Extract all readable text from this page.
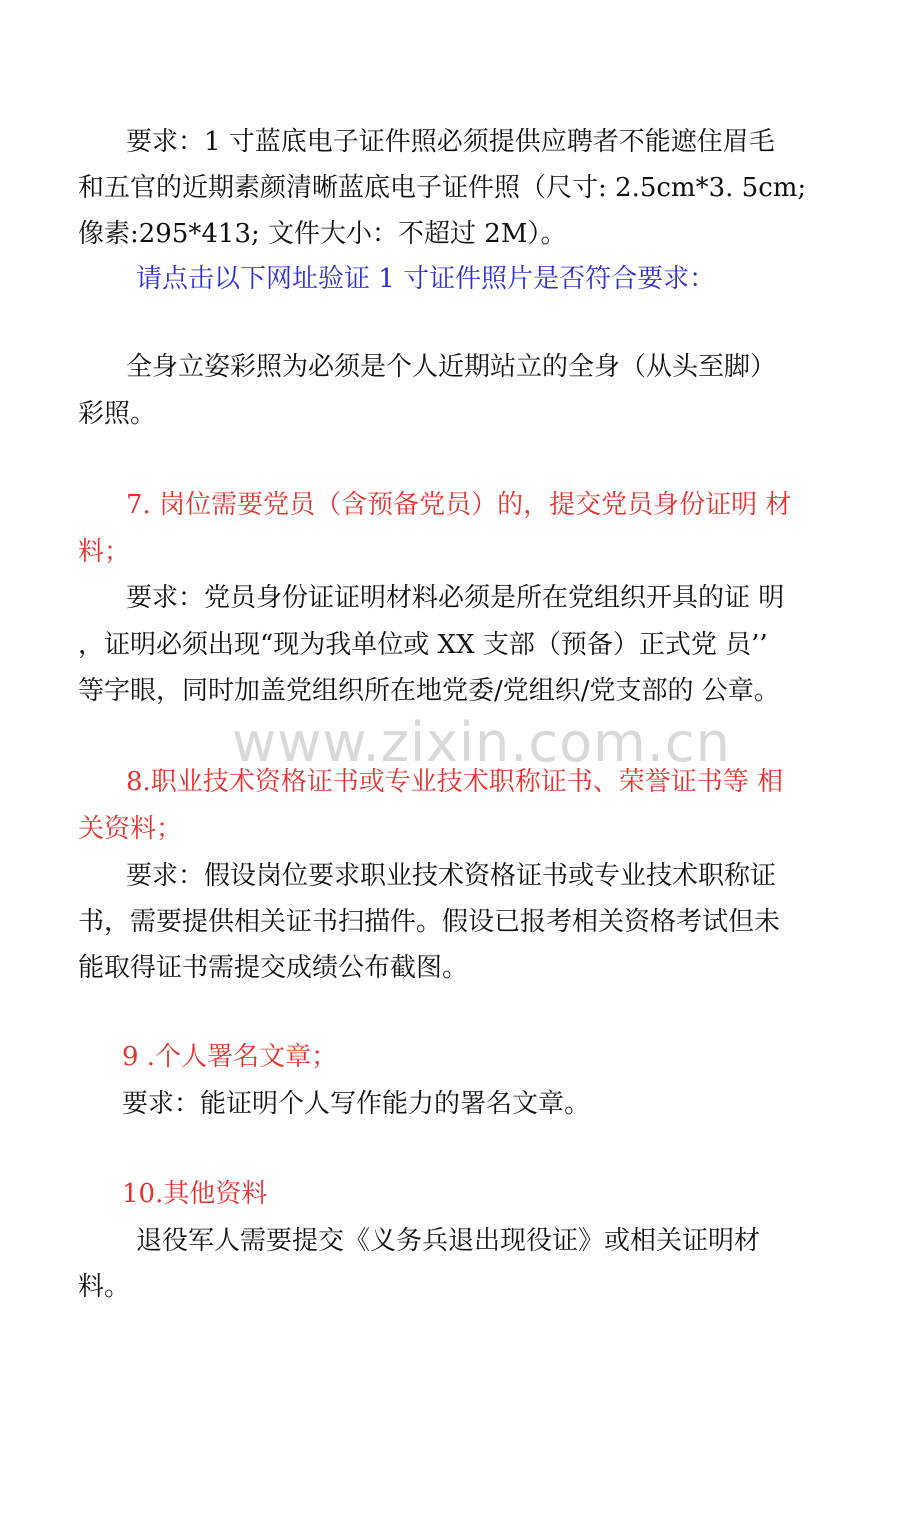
www.zixin.com.cn

要求：1 寸蓝底电子证件照必须提供应聘者不能遮住眉毛

和五官的近期素颜清晰蓝底电子证件照（尺寸: 2.5cm*3. 5cm;

像素:295*413; 文件大小：不超过 2M）。

请点击以下网址验证 1 寸证件照片是否符合要求：

全身立姿彩照为必须是个人近期站立的全身（从头至脚）

彩照。

7. 岗位需要党员（含预备党员）的，提交党员身份证明 材

料；

要求：党员身份证证明材料必须是所在党组织开具的证 明

，证明必须出现“现为我单位或 XX 支部（预备）正式党 员’’

等字眼，同时加盖党组织所在地党委/党组织/党支部的 公章。

8.职业技术资格证书或专业技术职称证书、荣誉证书等 相

关资料；

要求：假设岗位要求职业技术资格证书或专业技术职称证

书，需要提供相关证书扫描件。假设已报考相关资格考试但未

能取得证书需提交成绩公布截图。

9 .个人署名文章；

要求：能证明个人写作能力的署名文章。

10.其他资料

退役军人需要提交《义务兵退出现役证》或相关证明材

料。
